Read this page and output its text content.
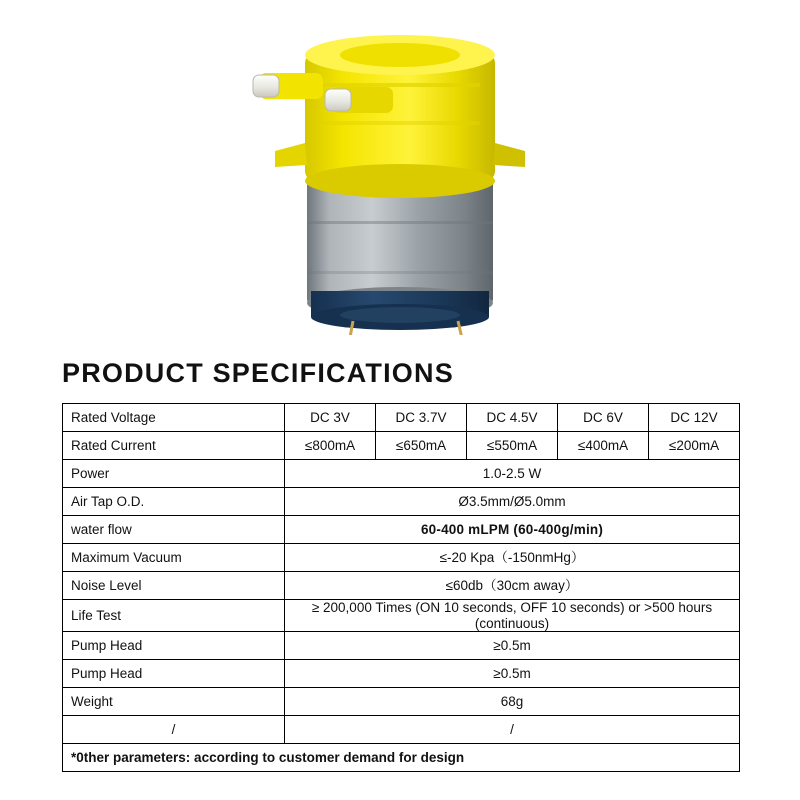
PRODUCT SPECIFICATIONS
Rated Voltage	DC 3V	DC 3.7V	DC 4.5V	DC 6V	DC 12V
Rated Current	≤800mA	≤650mA	≤550mA	≤400mA	≤200mA
Power	1.0-2.5 W				
Air Tap O.D.	Ø3.5mm/Ø5.0mm				
water flow	60-400 mLPM (60-400g/min)				
Maximum Vacuum	≤-20 Kpa（-150nmHg）				
Noise Level	≤60db（30cm away）				
Life Test	≥ 200,000 Times (ON 10 seconds, OFF 10 seconds) or >500 hours (continuous)				
Pump Head	≥0.5m				
Pump Head	≥0.5m				
Weight	68g				
/	/				
*0ther parameters: according to customer demand for design					
